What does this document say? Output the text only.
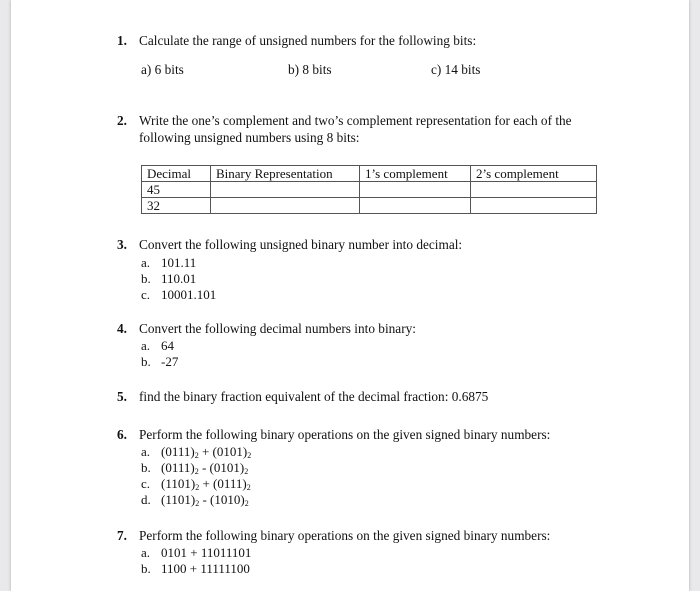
1. Calculate the range of unsigned numbers for the following bits:
a) 6 bits	b) 8 bits	c) 14 bits
2. Write the one’s complement and two’s complement representation for each of the following unsigned numbers using 8 bits:
Decimal	Binary Representation	1’s complement	2’s complement
45			
32			
3. Convert the following unsigned binary number into decimal:
a. 101.11
b. 110.01
c. 10001.101
4. Convert the following decimal numbers into binary:
a. 64
b. -27
5. find the binary fraction equivalent of the decimal fraction: 0.6875
6. Perform the following binary operations on the given signed binary numbers:
a. $(0111)_2 + (0101)_2$
b. $(0111)_2 - (0101)_2$
c. $(1101)_2 + (0111)_2$
d. $(1101)_2 - (1010)_2$
7. Perform the following binary operations on the given signed binary numbers:
a. 0101 + 11011101
b. 1100 + 11111100
